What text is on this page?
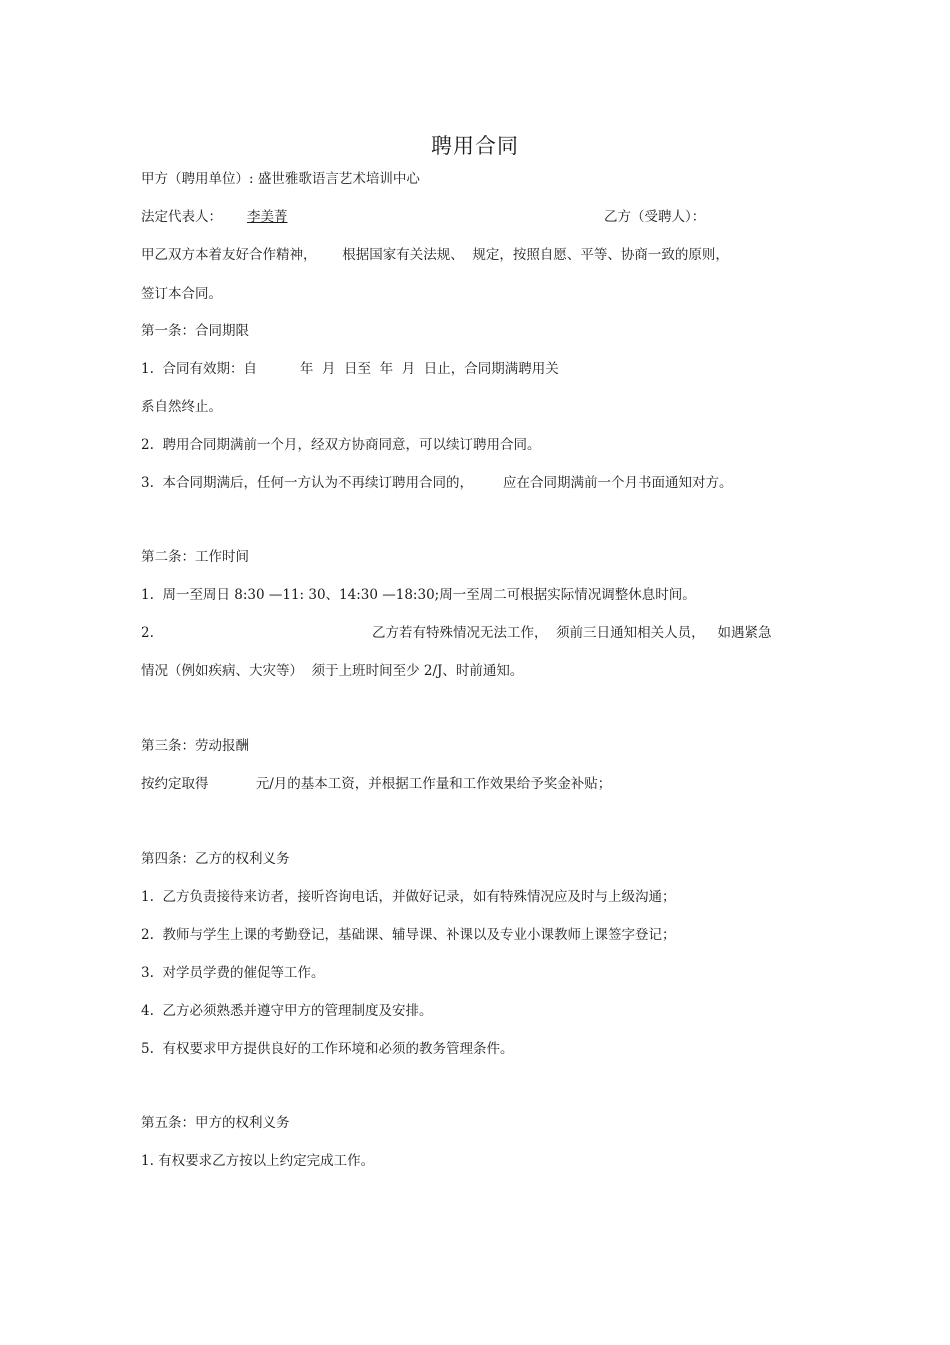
聘用合同
甲方（聘用单位）: 盛世雅歌语言艺术培训中心
法定代表人： 李美菁	乙方（受聘人）：
甲乙双方本着友好合作精神，      根据国家有关法规、  规定，按照自愿、平等、协商一致的原则，
签订本合同。
第一条：合同期限
1.  合同有效期：自          年  月  日至  年  月  日止，合同期满聘用关
系自然终止。
2.  聘用合同期满前一个月，经双方协商同意，可以续订聘用合同。
3.  本合同期满后，任何一方认为不再续订聘用合同的，       应在合同期满前一个月书面通知对方。
第二条：工作时间
1.  周一至周日 8:30 —11: 30、14:30 —18:30;周一至周二可根据实际情况调整休息时间。
2.	乙方若有特殊情况无法工作，  须前三日通知相关人员，   如遇紧急
情况（例如疾病、大灾等）  须于上班时间至少 2/J、时前通知。
第三条：劳动报酬
按约定取得           元/月的基本工资，并根据工作量和工作效果给予奖金补贴；
第四条：乙方的权利义务
1.  乙方负责接待来访者，接听咨询电话，并做好记录，如有特殊情况应及时与上级沟通；
2.  教师与学生上课的考勤登记，基础课、辅导课、补课以及专业小课教师上课签字登记；
3.  对学员学费的催促等工作。
4.  乙方必须熟悉并遵守甲方的管理制度及安排。
5.  有权要求甲方提供良好的工作环境和必须的教务管理条件。
第五条：甲方的权利义务
1. 有权要求乙方按以上约定完成工作。
